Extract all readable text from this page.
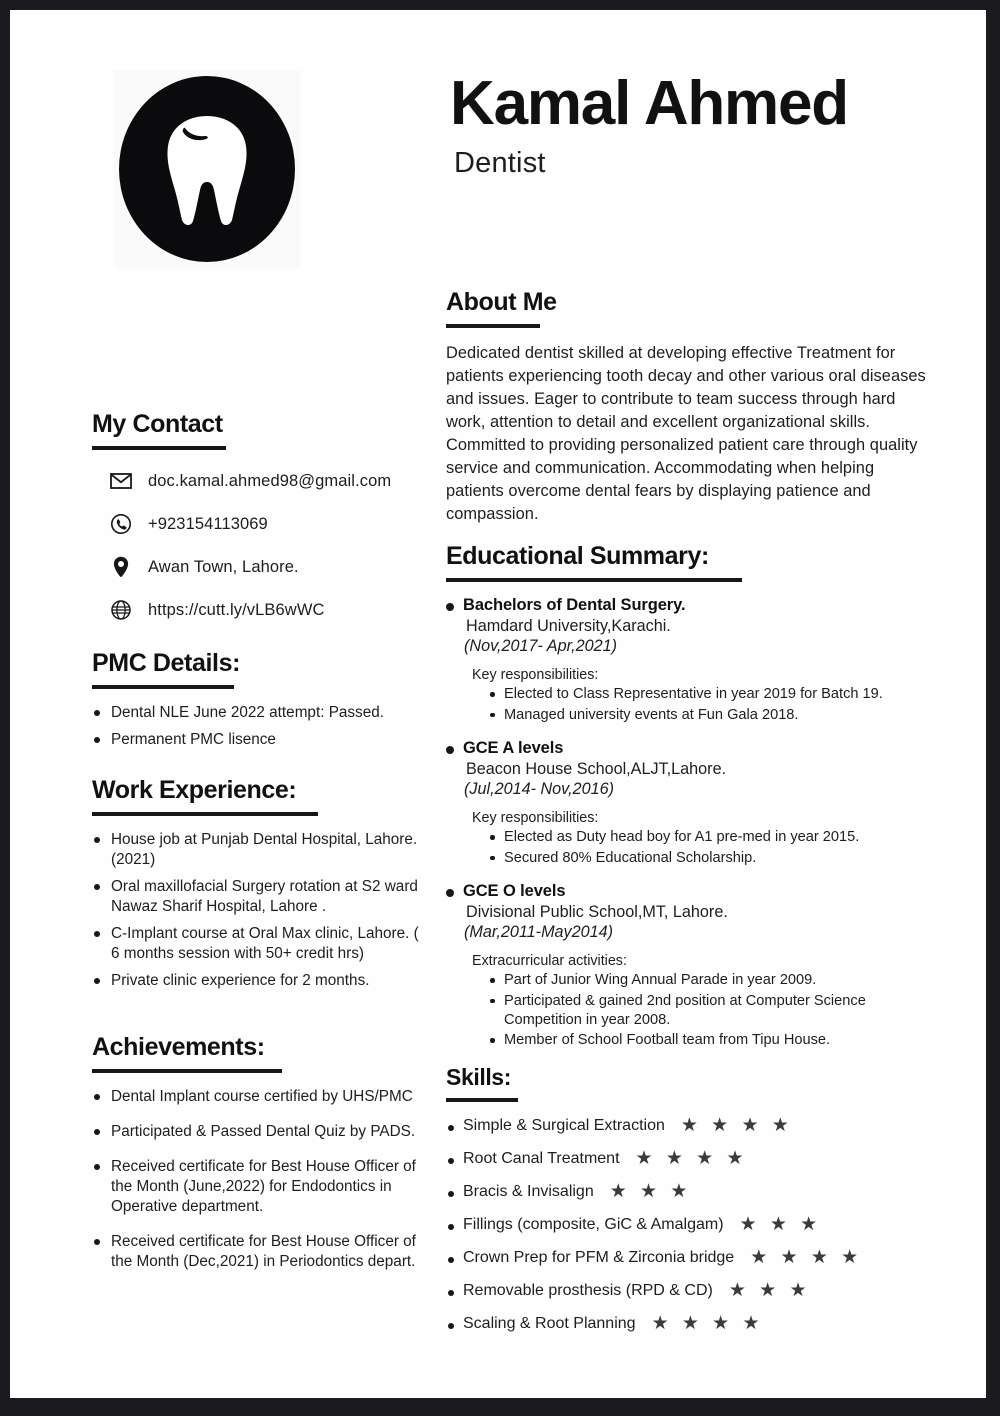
Kamal Ahmed
Dentist
My Contact
doc.kamal.ahmed98@gmail.com
+923154113069
Awan Town, Lahore.
https://cutt.ly/vLB6wWC
PMC Details:
Dental NLE June 2022 attempt: Passed.
Permanent PMC lisence
Work Experience:
House job at Punjab Dental Hospital, Lahore. (2021)
Oral maxillofacial Surgery rotation at S2 ward Nawaz Sharif Hospital, Lahore .
C-Implant course at Oral Max clinic, Lahore. ( 6 months session with 50+ credit hrs)
Private clinic experience for 2 months.
Achievements:
Dental Implant course certified by UHS/PMC
Participated & Passed Dental Quiz by PADS.
Received certificate for Best House Officer of the Month (June,2022) for Endodontics in Operative department.
Received certificate for Best House Officer of the Month (Dec,2021) in Periodontics depart.
About Me

Dedicated dentist skilled at developing effective Treatment for patients experiencing tooth decay and other various oral diseases and issues. Eager to contribute to team success through hard work, attention to detail and excellent organizational skills. Committed to providing personalized patient care through quality service and communication. Accommodating when helping patients overcome dental fears by displaying patience and compassion.

Educational Summary:
Bachelors of Dental Surgery.
Hamdard University,Karachi.
(Nov,2017- Apr,2021)
Key responsibilities:
Elected to Class Representative in year 2019 for Batch 19.
Managed university events at Fun Gala 2018.
GCE A levels
Beacon House School,ALJT,Lahore.
(Jul,2014- Nov,2016)
Key responsibilities:
Elected as Duty head boy for A1 pre-med in year 2015.
Secured 80% Educational Scholarship.
GCE O levels
Divisional Public School,MT, Lahore.
(Mar,2011-May2014)
Extracurricular activities:
Part of Junior Wing Annual Parade in year 2009.
Participated & gained 2nd position at Computer Science Competition in year 2008.
Member of School Football team from Tipu House.
Skills:
Simple & Surgical Extraction ★ ★ ★ ★
Root Canal Treatment ★ ★ ★ ★
Bracis & Invisalign ★ ★ ★
Fillings (composite, GiC & Amalgam) ★ ★ ★
Crown Prep for PFM & Zirconia bridge ★ ★ ★ ★
Removable prosthesis (RPD & CD) ★ ★ ★
Scaling & Root Planning ★ ★ ★ ★
